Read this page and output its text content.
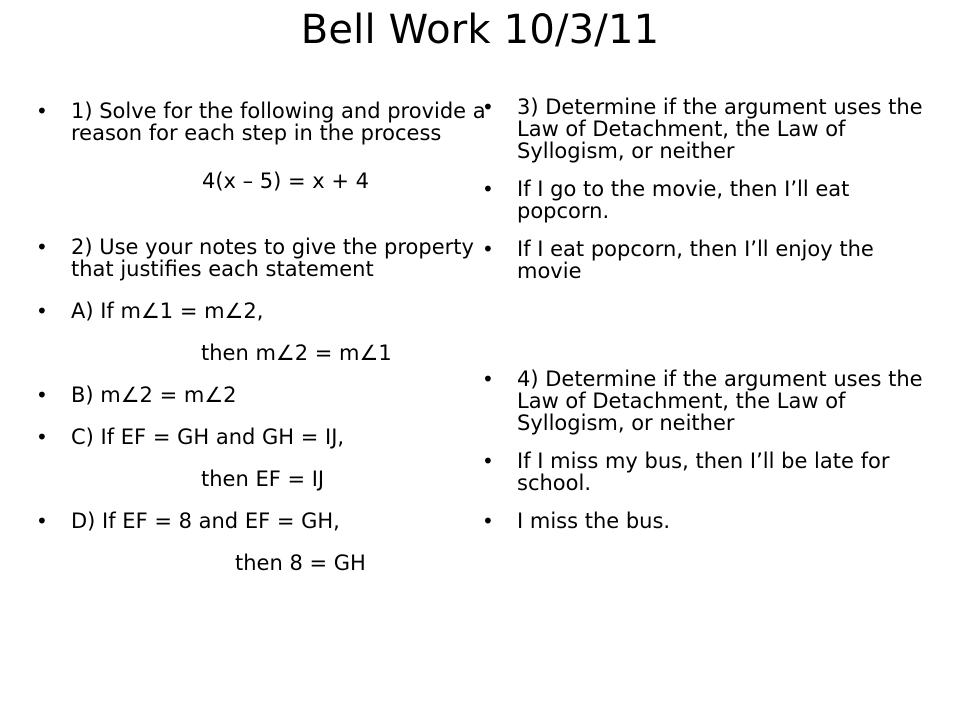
Bell Work 10/3/11
•	1) Solve for the following and provide a reason for each step in the process
4(x – 5) = x + 4
•	2) Use your notes to give the property that justifies each statement
•	A) If m∠1 = m∠2,
then m∠2 = m∠1
•	B) m∠2 = m∠2
•	C) If EF = GH and GH = IJ,
then EF = IJ
•	D) If EF = 8 and EF = GH,
then 8 = GH
•	3) Determine if the argument uses the Law of Detachment, the Law of Syllogism, or neither
•	If I go to the movie, then I’ll eat popcorn.
•	If I eat popcorn, then I’ll enjoy the movie
•	4) Determine if the argument uses the Law of Detachment, the Law of Syllogism, or neither
•	If I miss my bus, then I’ll be late for school.
•	I miss the bus.
